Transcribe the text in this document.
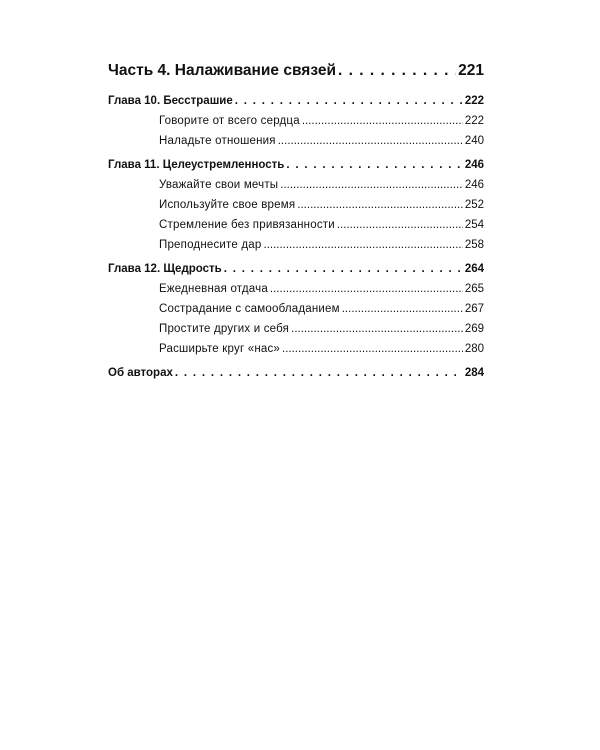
Часть 4. Налаживание связей . . .	221
Глава 10. Бесстрашие . . .	222
Говорите от всего сердца .....	222
Наладьте отношения .....	240
Глава 11. Целеустремленность . . .	246
Уважайте свои мечты .....	246
Используйте свое время .....	252
Стремление без привязанности .....	254
Преподнесите дар .....	258
Глава 12. Щедрость . . .	264
Ежедневная отдача .....	265
Сострадание с самообладанием .....	267
Простите других и себя .....	269
Расширьте круг «нас» .....	280
Об авторах . . .	284
